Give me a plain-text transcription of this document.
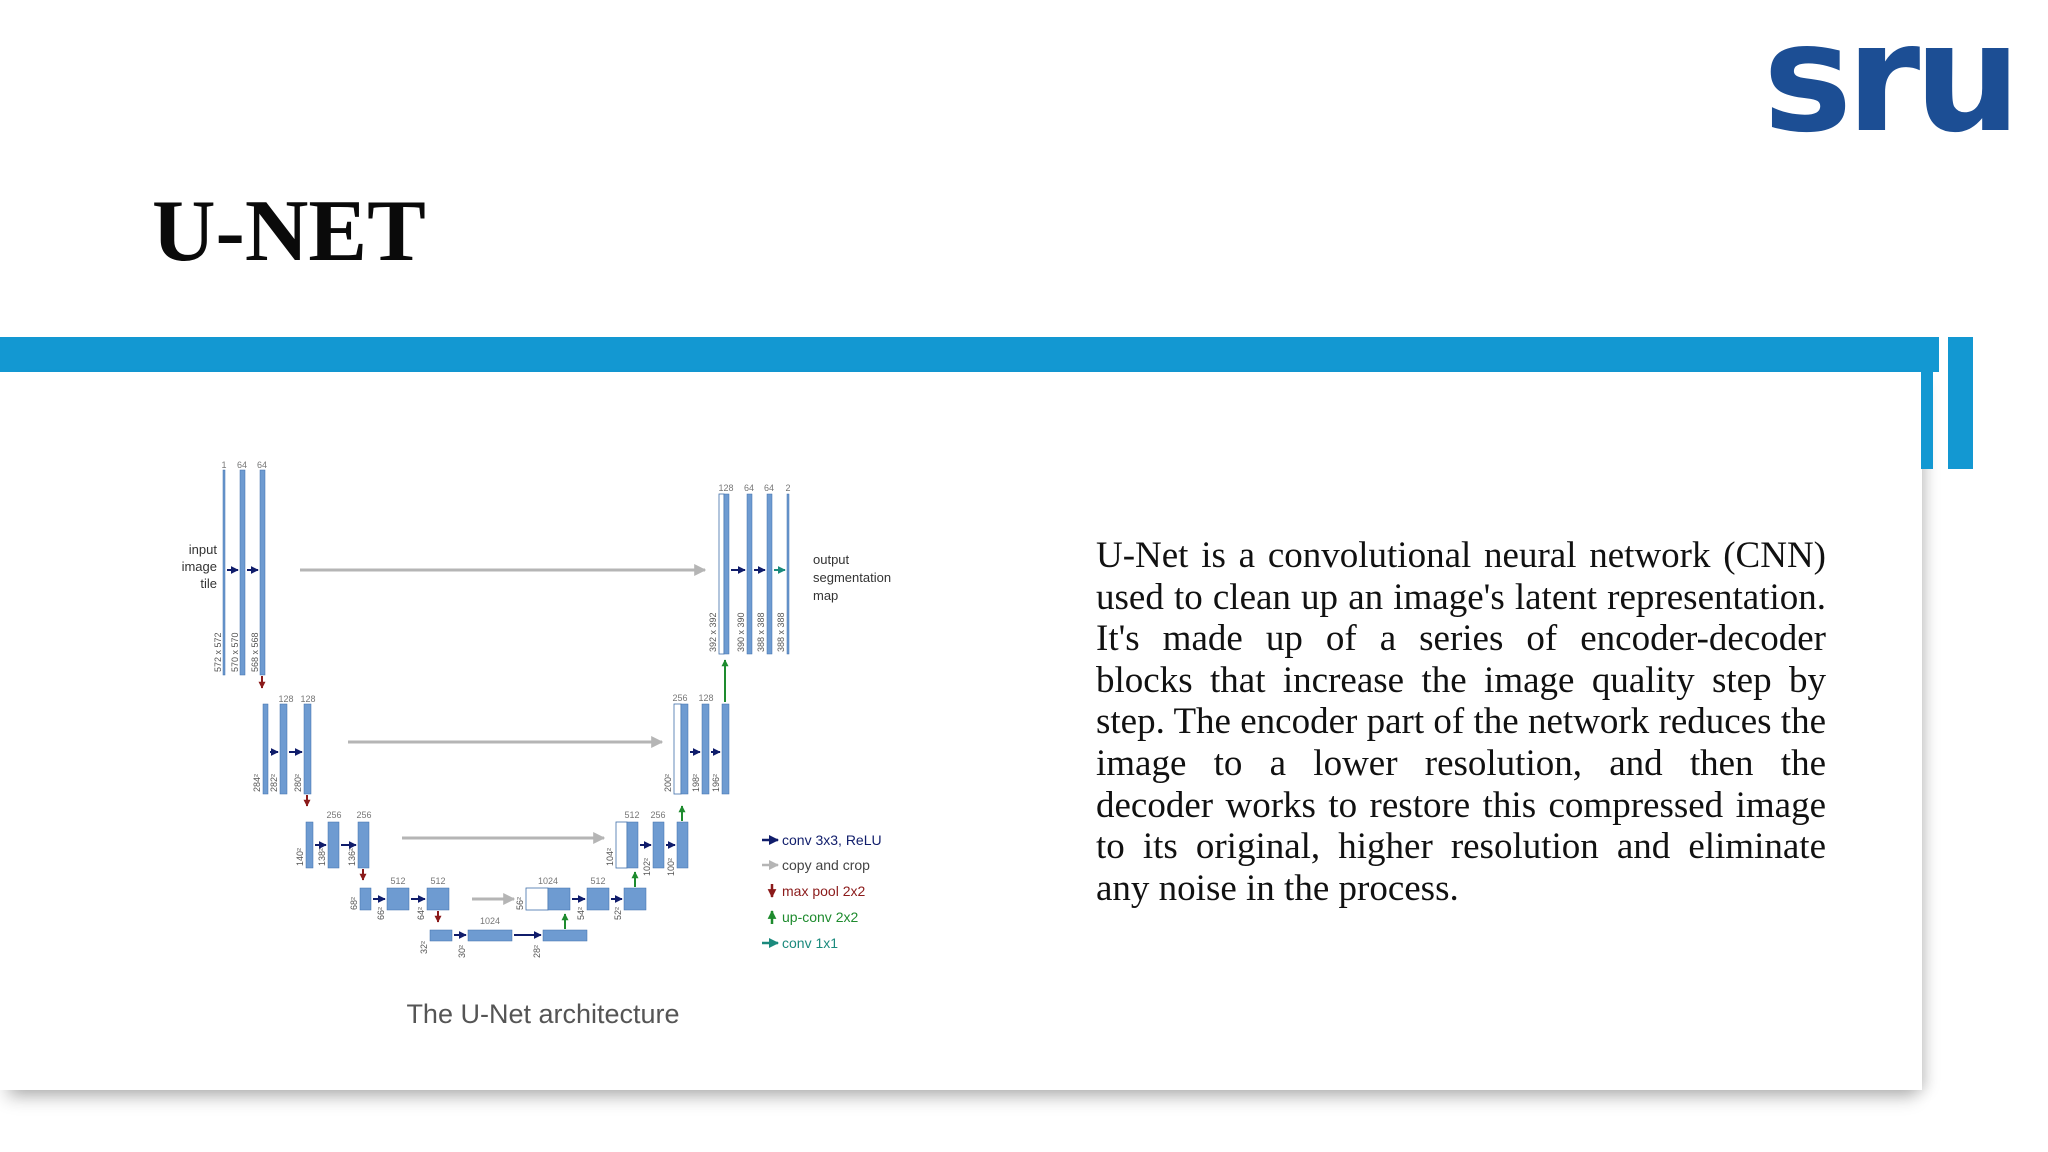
sru
U-NET
1 64 64
572 x 572 570 x 570 568 x 568
input
image
tile
128 128
284² 282² 280²
256 256
140² 138² 136²
512	512
68²
66²	64²
1024
32²	30²	28²
1024	512
56²
54²	52²
512 256
104²
102² 100²
256 128
200² 198² 196²
128 64 64 2
392 x 392 390 x 390 388 x 388 388 x 388
output
segmentation
map
conv 3x3, ReLU
copy and crop
max pool 2x2
up-conv 2x2
conv 1x1
The U-Net architecture

U-Net is a convolutional neural network (CNN) used to clean up an image's latent representation. It's made up of a series of encoder-decoder blocks that increase the image quality step by step. The encoder part of the network reduces the image to a lower resolution, and then the decoder works to restore this compressed image to its original, higher resolution and eliminate any noise in the process.
